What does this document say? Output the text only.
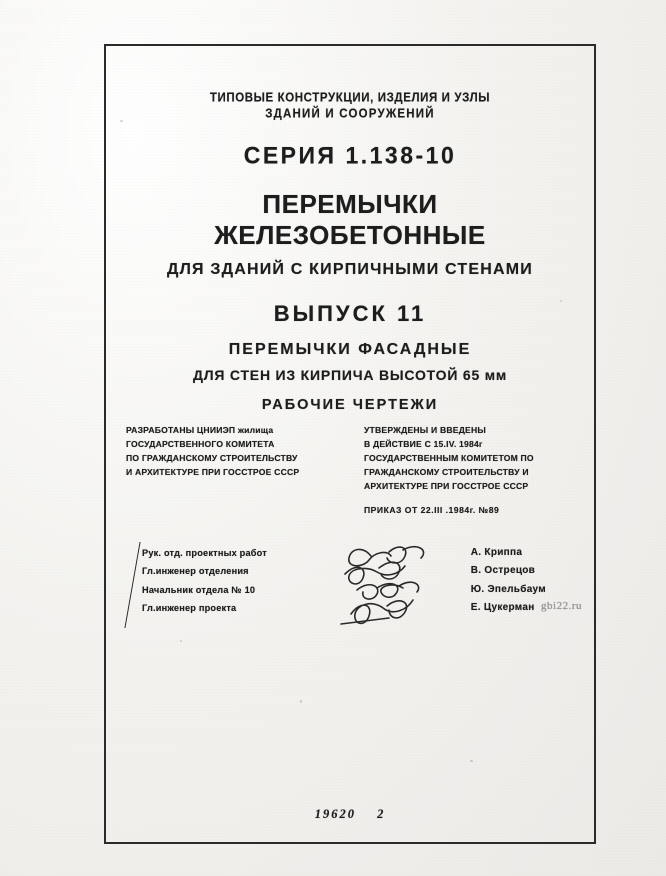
ТИПОВЫЕ КОНСТРУКЦИИ, ИЗДЕЛИЯ И УЗЛЫ
ЗДАНИЙ И СООРУЖЕНИЙ
СЕРИЯ 1.138-10
ПЕРЕМЫЧКИ ЖЕЛЕЗОБЕТОННЫЕ
ДЛЯ ЗДАНИЙ С КИРПИЧНЫМИ СТЕНАМИ
ВЫПУСК 11
ПЕРЕМЫЧКИ ФАСАДНЫЕ
ДЛЯ СТЕН ИЗ КИРПИЧА ВЫСОТОЙ 65 мм
РАБОЧИЕ ЧЕРТЕЖИ
РАЗРАБОТАНЫ ЦНИИЭП жилища
ГОСУДАРСТВЕННОГО КОМИТЕТА
ПО ГРАЖДАНСКОМУ СТРОИТЕЛЬСТВУ
И АРХИТЕКТУРЕ ПРИ ГОССТРОЕ СССР
УТВЕРЖДЕНЫ И ВВЕДЕНЫ
В ДЕЙСТВИЕ С 15.IV. 1984г
ГОСУДАРСТВЕННЫМ КОМИТЕТОМ ПО
ГРАЖДАНСКОМУ СТРОИТЕЛЬСТВУ И
АРХИТЕКТУРЕ ПРИ ГОССТРОЕ СССР
ПРИКАЗ ОТ 22.III .1984г. №89
Рук. отд. проектных работ
Гл.инженер отделения
Начальник отдела № 10
Гл.инженер проекта
А. Криппа
В. Острецов
Ю. Эпельбаум
Е. Цукерман gbi22.ru
19620 2
